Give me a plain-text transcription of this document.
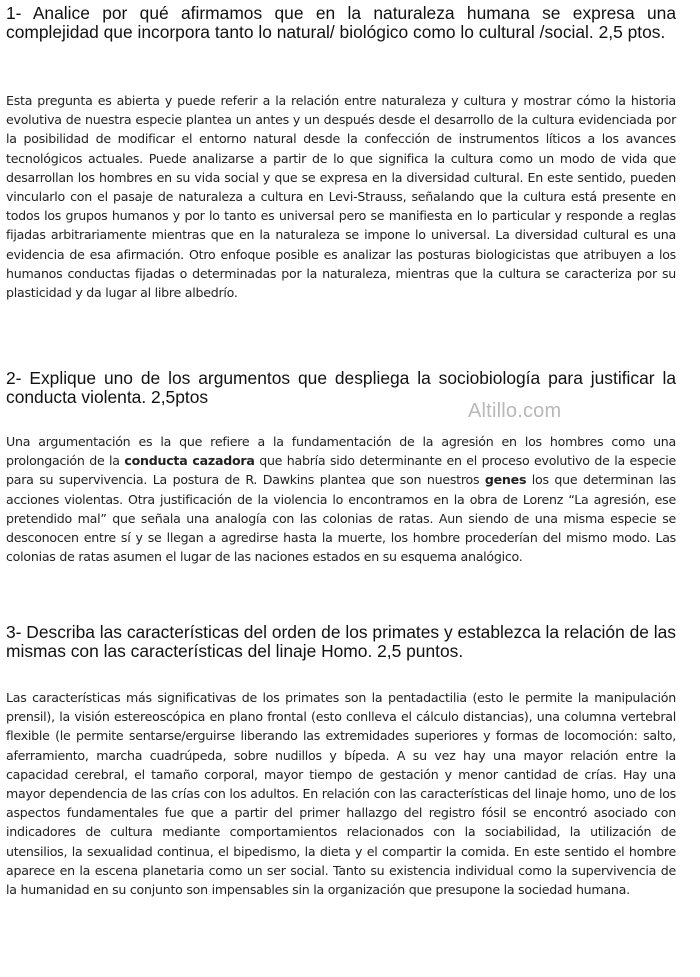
1- Analice por qué afirmamos que en la naturaleza humana se expresa una complejidad que incorpora tanto lo natural/ biológico como lo cultural /social. 2,5 ptos.

Esta pregunta es abierta y puede referir a la relación entre naturaleza y cultura y mostrar cómo la historia evolutiva de nuestra especie plantea un antes y un después desde el desarrollo de la cultura evidenciada por la posibilidad de modificar el entorno natural desde la confección de instrumentos líticos a los avances tecnológicos actuales. Puede analizarse a partir de lo que significa la cultura como un modo de vida que desarrollan los hombres en su vida social y que se expresa en la diversidad cultural. En este sentido, pueden vincularlo con el pasaje de naturaleza a cultura en Levi-Strauss, señalando que la cultura está presente en todos los grupos humanos y por lo tanto es universal pero se manifiesta en lo particular y responde a reglas fijadas arbitrariamente mientras que en la naturaleza se impone lo universal. La diversidad cultural es una evidencia de esa afirmación. Otro enfoque posible es analizar las posturas biologicistas que atribuyen a los humanos conductas fijadas o determinadas por la naturaleza, mientras que la cultura se caracteriza por su plasticidad y da lugar al libre albedrío.

2- Explique uno de los argumentos que despliega la sociobiología para justificar la conducta violenta. 2,5ptos

Una argumentación es la que refiere a la fundamentación de la agresión en los hombres como una prolongación de la conducta cazadora que habría sido determinante en el proceso evolutivo de la especie para su supervivencia. La postura de R. Dawkins plantea que son nuestros genes los que determinan las acciones violentas. Otra justificación de la violencia lo encontramos en la obra de Lorenz “La agresión, ese pretendido mal” que señala una analogía con las colonias de ratas. Aun siendo de una misma especie se desconocen entre sí y se llegan a agredirse hasta la muerte, los hombre procederían del mismo modo. Las colonias de ratas asumen el lugar de las naciones estados en su esquema analógico.

3- Describa las características del orden de los primates y establezca la relación de las mismas con las características del linaje Homo. 2,5 puntos.

Las características más significativas de los primates son la pentadactilia (esto le permite la manipulación prensil), la visión estereoscópica en plano frontal (esto conlleva el cálculo distancias), una columna vertebral flexible (le permite sentarse/erguirse liberando las extremidades superiores y formas de locomoción: salto, aferramiento, marcha cuadrúpeda, sobre nudillos y bípeda. A su vez hay una mayor relación entre la capacidad cerebral, el tamaño corporal, mayor tiempo de gestación y menor cantidad de crías. Hay una mayor dependencia de las crías con los adultos. En relación con las características del linaje homo, uno de los aspectos fundamentales fue que a partir del primer hallazgo del registro fósil se encontró asociado con indicadores de cultura mediante comportamientos relacionados con la sociabilidad, la utilización de utensilios, la sexualidad continua, el bipedismo, la dieta y el compartir la comida. En este sentido el hombre aparece en la escena planetaria como un ser social. Tanto su existencia individual como la supervivencia de la humanidad en su conjunto son impensables sin la organización que presupone la sociedad humana.

Altillo.com
